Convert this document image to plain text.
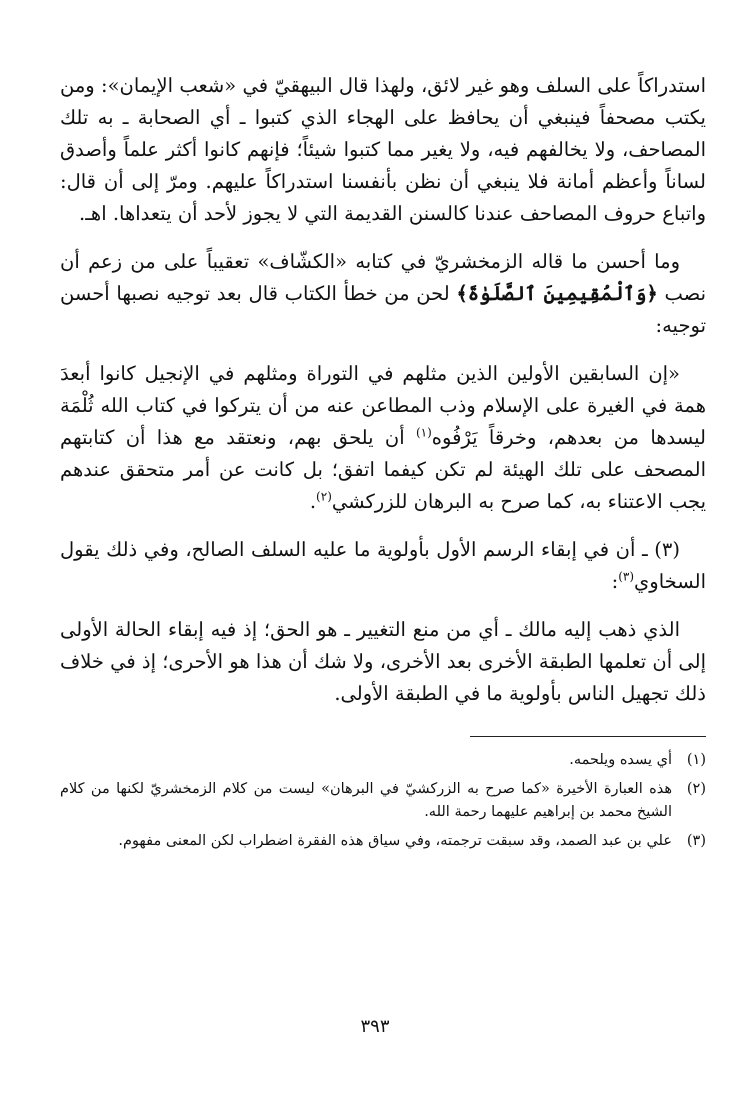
استدراكاً على السلف وهو غير لائق، ولهذا قال البيهقيّ في «شعب الإيمان»: ومن يكتب مصحفاً فينبغي أن يحافظ على الهجاء الذي كتبوا ـ أي الصحابة ـ به تلك المصاحف، ولا يخالفهم فيه، ولا يغير مما كتبوا شيئاً؛ فإنهم كانوا أكثر علماً وأصدق لساناً وأعظم أمانة فلا ينبغي أن نظن بأنفسنا استدراكاً عليهم. ومرّ إلى أن قال: واتباع حروف المصاحف عندنا كالسنن القديمة التي لا يجوز لأحد أن يتعداها. اهـ.

وما أحسن ما قاله الزمخشريّ في كتابه «الكشّاف» تعقيباً على من زعم أن نصب ﴿وَٱلْمُقِيمِينَ ٱلصَّلَوٰةَ﴾ لحن من خطأ الكتاب قال بعد توجيه نصبها أحسن توجيه:

«إن السابقين الأولين الذين مثلهم في التوراة ومثلهم في الإنجيل كانوا أبعدَ همة في الغيرة على الإسلام وذب المطاعن عنه من أن يتركوا في كتاب الله ثُلْمَة ليسدها من بعدهم، وخرقاً يَرْفُوه$^{(١)}$ أن يلحق بهم، ونعتقد مع هذا أن كتابتهم المصحف على تلك الهيئة لم تكن كيفما اتفق؛ بل كانت عن أمر متحقق عندهم يجب الاعتناء به، كما صرح به البرهان للزركشي$^{(٢)}$.

(٣) ـ أن في إبقاء الرسم الأول بأولوية ما عليه السلف الصالح، وفي ذلك يقول السخاوي$^{(٣)}$:

الذي ذهب إليه مالك ـ أي من منع التغيير ـ هو الحق؛ إذ فيه إبقاء الحالة الأولى إلى أن تعلمها الطبقة الأخرى بعد الأخرى، ولا شك أن هذا هو الأحرى؛ إذ في خلاف ذلك تجهيل الناس بأولوية ما في الطبقة الأولى.

(١)
أي يسده ويلحمه.
(٢)
هذه العبارة الأخيرة «كما صرح به الزركشيّ في البرهان» ليست من كلام الزمخشريّ لكنها من كلام الشيخ محمد بن إبراهيم عليهما رحمة الله.
(٣)
علي بن عبد الصمد، وقد سبقت ترجمته، وفي سياق هذه الفقرة اضطراب لكن المعنى مفهوم.
٣٩٣
